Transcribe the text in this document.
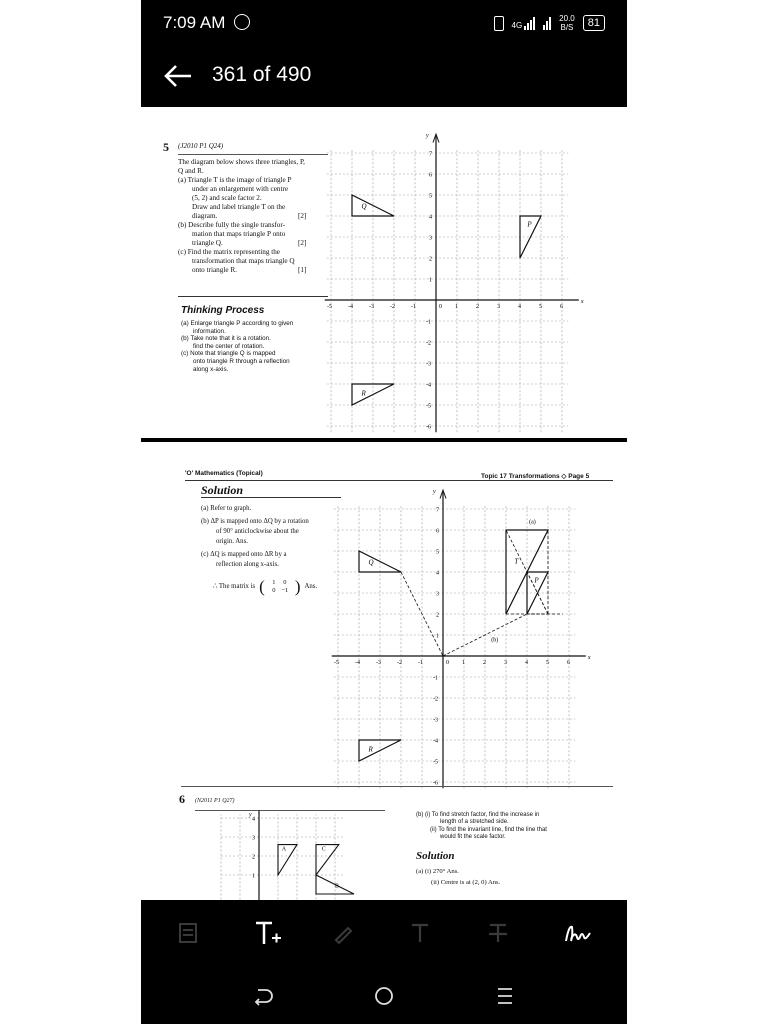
7:09 AM	4G
20.0
B/S	81
361 of 490
5 (J2010 P1 Q24)
The diagram below shows three triangles, P,
Q and R.
(a) Triangle T is the image of triangle P
under an enlargement with centre
(5, 2) and scale factor 2.
Draw and label triangle T on the
diagram.	[2]
(b) Describe fully the single transfor-
mation that maps triangle P onto
triangle Q.	[2]
(c) Find the matrix representing the
transformation that maps triangle Q
onto triangle R.	[1]
Thinking Process
(a) Enlarge triangle P according to given
information.
(b) Take note that it is a rotation.
find the center of rotation.
(c) Note that triangle Q is mapped
onto triangle R through a reflection
along x-axis.
x
y
0
-5	-4	-3	-2	-1	1	2	3	4	5	6
7
6
5
4
3
2
1
-1
-2
-3
-4
-5
-6
P
Q
R
'O' Mathematics (Topical)	Topic 17 Transformations ◇ Page 5
Solution
(a) Refer to graph.
(b) ΔP is mapped onto ΔQ by a rotation
of 90° anticlockwise about the
origin. Ans.
(c) ΔQ is mapped onto ΔR by a
reflection along x-axis.
∴ The matrix is (	1	0
0 −1 ) Ans.
x
y
0
-5	-4	-3	-2	-1	1	2	3	4	5	6
7
6
5
4
3
2
1
-1
-2
-3
-4
-5
-6
P
Q
R
T
(a)
(b)
6 (N2011 P1 Q27)
y
4
3
2
1
A	C
B
(b) (i) To find stretch factor, find the increase in
length of a stretched side.
(ii) To find the invariant line, find the line that
would fit the scale factor.
Solution
(a) (i) 270° Ans.
(ii) Centre is at (2, 0) Ans.
